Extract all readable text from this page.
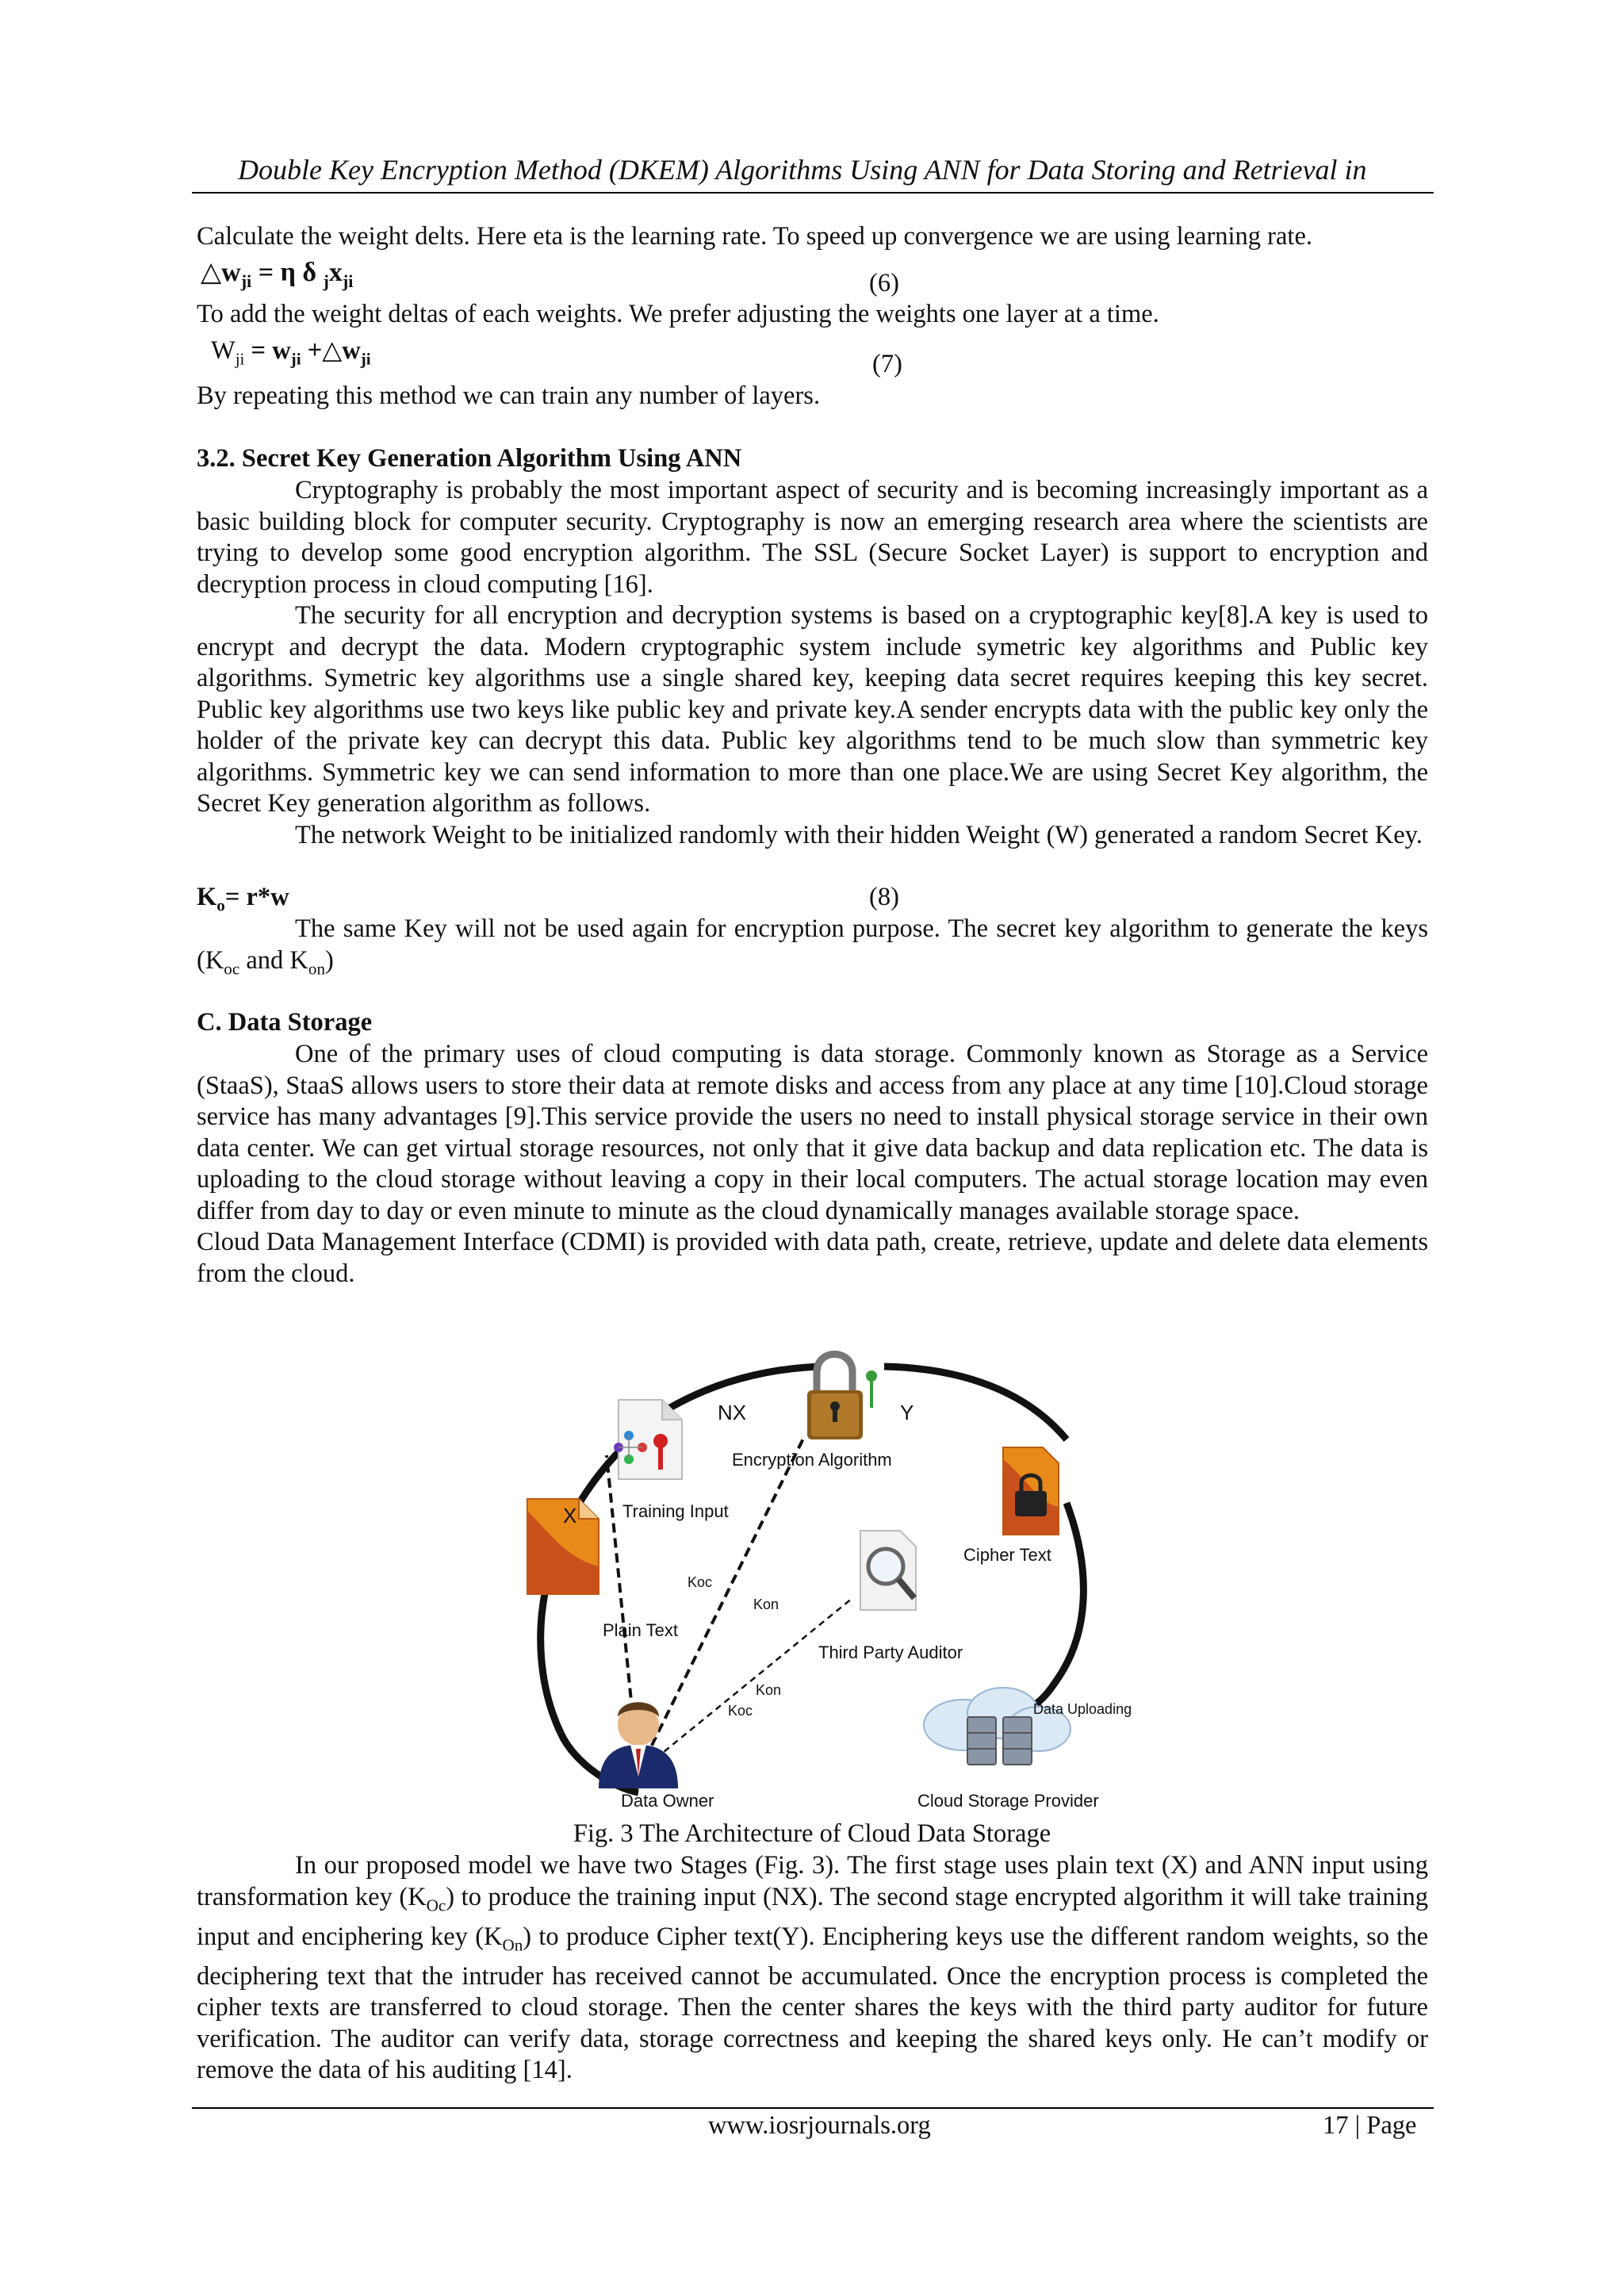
Double Key Encryption Method (DKEM) Algorithms Using ANN for Data Storing and Retrieval in
Calculate the weight delts. Here eta is the learning rate. To speed up convergence we are using learning rate.
$\triangle w_{ji} = \eta$ δ $_jx_{ji}$	(6)
To add the weight deltas of each weights. We prefer adjusting the weights one layer at a time.
$W_{ji} = w_{ji}$ $+\triangle w_{ji}$	(7)
By repeating this method we can train any number of layers.
3.2. Secret Key Generation Algorithm Using ANN

Cryptography is probably the most important aspect of security and is becoming increasingly important as a basic building block for computer security. Cryptography is now an emerging research area where the scientists are trying to develop some good encryption algorithm. The SSL (Secure Socket Layer) is support to encryption and decryption process in cloud computing [16].

The security for all encryption and decryption systems is based on a cryptographic key[8].A key is used to encrypt and decrypt the data. Modern cryptographic system include symetric key algorithms and Public key algorithms. Symetric key algorithms use a single shared key, keeping data secret requires keeping this key secret. Public key algorithms use two keys like public key and private key.A sender encrypts data with the public key only the holder of the private key can decrypt this data. Public key algorithms tend to be much slow than symmetric key algorithms. Symmetric key we can send information to more than one place.We are using Secret Key algorithm, the Secret Key generation algorithm as follows.

The network Weight to be initialized randomly with their hidden Weight (W) generated a random Secret Key.

$K_o= r*w$	(8)

The same Key will not be used again for encryption purpose. The secret key algorithm to generate the keys ($K_{oc}$ and $K_{on}$)

C. Data Storage

One of the primary uses of cloud computing is data storage. Commonly known as Storage as a Service (StaaS), StaaS allows users to store their data at remote disks and access from any place at any time [10].Cloud storage service has many advantages [9].This service provide the users no need to install physical storage service in their own data center. We can get virtual storage resources, not only that it give data backup and data replication etc. The data is uploading to the cloud storage without leaving a copy in their local computers. The actual storage location may even differ from day to day or even minute to minute as the cloud dynamically manages available storage space.

Cloud Data Management Interface (CDMI) is provided with data path, create, retrieve, update and delete data elements from the cloud.

NX	Y
X
Encryption Algorithm
Training Input
Cipher Text
Plain Text
Third Party Auditor
Data Owner	Cloud Storage Provider
Data Uploading
Koc
Kon
Kon
Koc
Fig. 3 The Architecture of Cloud Data Storage

In our proposed model we have two Stages (Fig. 3). The first stage uses plain text (X) and ANN input using transformation key $(K_{Oc})$ to produce the training input (NX). The second stage encrypted algorithm it will take training input and enciphering key $(K_{On})$ to produce Cipher text(Y). Enciphering keys use the different random weights, so the deciphering text that the intruder has received cannot be accumulated. Once the encryption process is completed the cipher texts are transferred to cloud storage. Then the center shares the keys with the third party auditor for future verification. The auditor can verify data, storage correctness and keeping the shared keys only. He can’t modify or remove the data of his auditing [14].

www.iosrjournals.org	17 | Page
